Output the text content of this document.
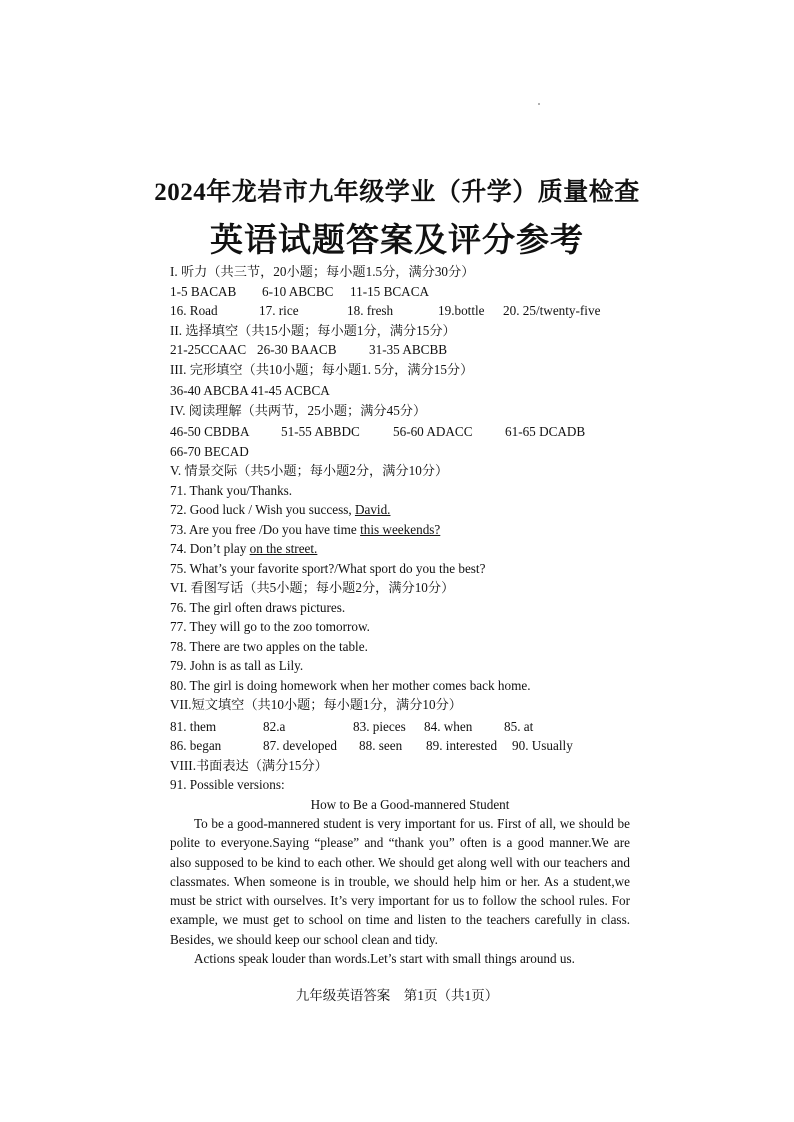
2024年龙岩市九年级学业（升学）质量检查
英语试题答案及评分参考
I. 听力（共三节，20小题；每小题1.5分，满分30分）
1-5 BACAB 6-10 ABCBC 11-15 BCACA
16. Road	17. rice	18. fresh	19.bottle 20. 25/twenty-five
II. 选择填空（共15小题；每小题1分，满分15分）
21-25CCAAC 26-30 BAACB 31-35 ABCBB
III. 完形填空（共10小题；每小题1. 5分，满分15分）
36-40 ABCBA 41-45 ACBCA
IV. 阅读理解（共两节，25小题；满分45分）
46-50 CBDBA 51-55 ABBDC	56-60 ADACC 61-65 DCADB
66-70 BECAD
V. 情景交际（共5小题；每小题2分，满分10分）
71. Thank you/Thanks.
72. Good luck / Wish you success, David.
73. Are you free /Do you have time this weekends?
74. Don’t play on the street.
75. What’s your favorite sport?/What sport do you the best?
VI. 看图写话（共5小题；每小题2分，满分10分）
76. The girl often draws pictures.
77. They will go to the zoo tomorrow.
78. There are two apples on the table.
79. John is as tall as Lily.
80. The girl is doing homework when her mother comes back home.
VII.短文填空（共10小题；每小题1分，满分10分）
81. them	82.a	83. pieces 84. when 85. at
86. began	87. developed 88. seen 89. interested 90. Usually
VIII.书面表达（满分15分）
91. Possible versions:
How to Be a Good-mannered Student
To be a good-mannered student is very important for us. First of all, we should be polite to everyone.Saying “please” and “thank you” often is a good manner.We are also supposed to be kind to each other. We should get along well with our teachers and classmates. When someone is in trouble, we should help him or her. As a student,we must be strict with ourselves. It’s very important for us to follow the school rules. For example, we must get to school on time and listen to the teachers carefully in class. Besides, we should keep our school clean and tidy.
Actions speak louder than words.Let’s start with small things around us.
九年级英语答案　第1页（共1页）
